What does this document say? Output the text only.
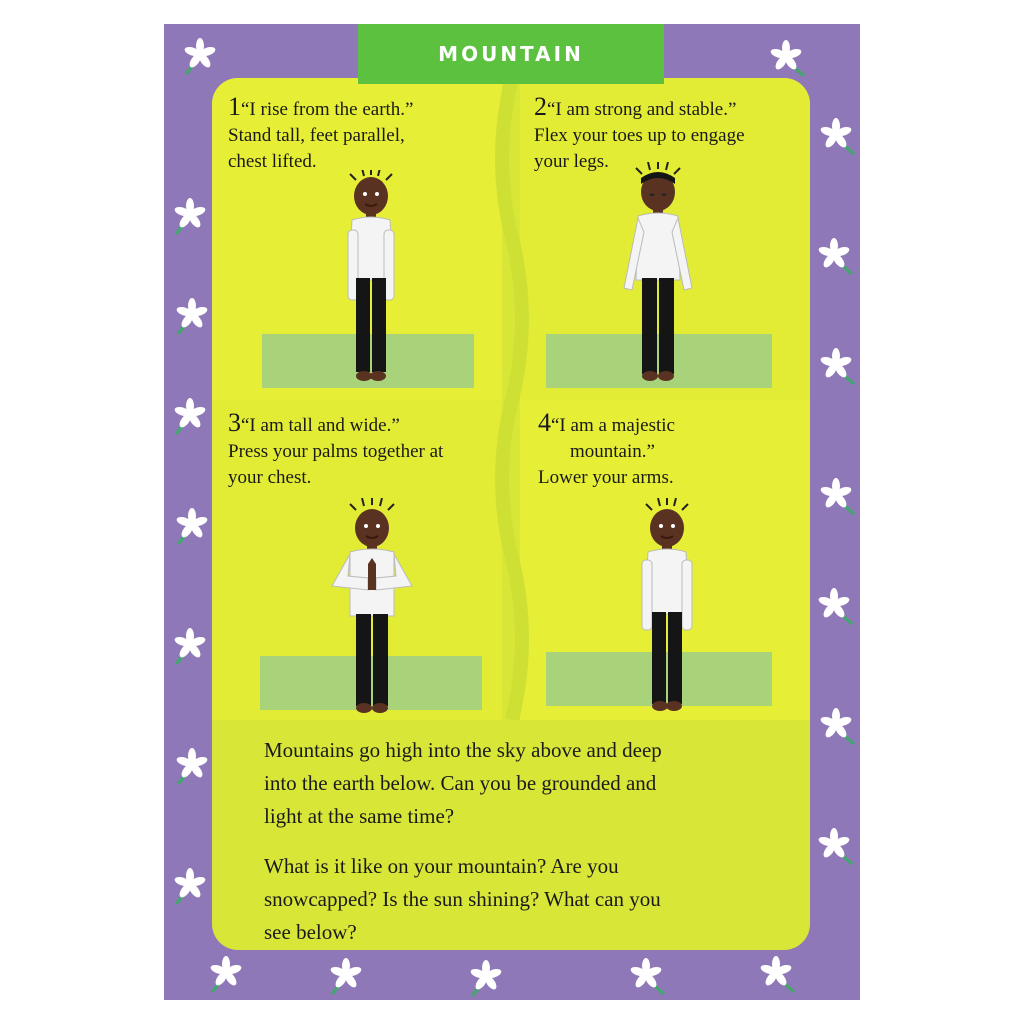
1“I rise from the earth.”
Stand tall, feet parallel,
chest lifted.
2“I am strong and stable.”
Flex your toes up to engage
your legs.
3“I am tall and wide.”
Press your palms together at
your chest.
4“I am a majestic
mountain.”
Lower your arms.
Mountains go high into the sky above and deep
into the earth below. Can you be grounded and
light at the same time?
What is it like on your mountain? Are you
snowcapped? Is the sun shining? What can you
see below?
MOUNTAIN
